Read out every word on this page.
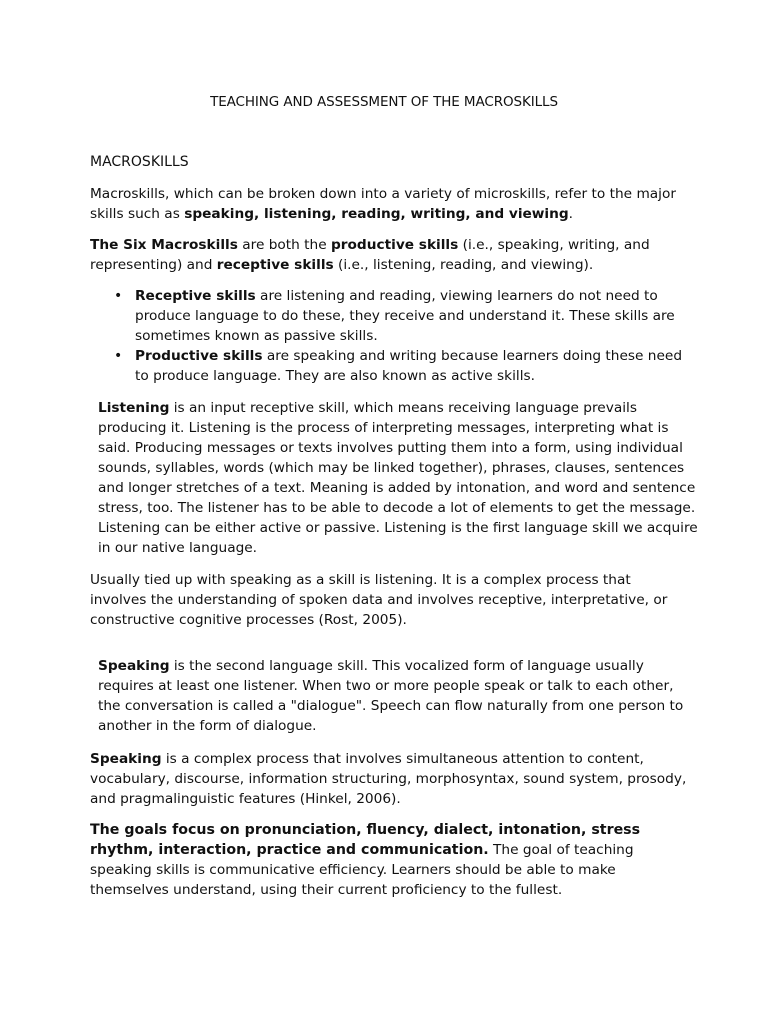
TEACHING AND ASSESSMENT OF THE MACROSKILLS
MACROSKILLS

Macroskills, which can be broken down into a variety of microskills, refer to the major skills such as speaking, listening, reading, writing, and viewing.

The Six Macroskills are both the productive skills (i.e., speaking, writing, and representing) and receptive skills (i.e., listening, reading, and viewing).

• Receptive skills are listening and reading, viewing learners do not need to produce language to do these, they receive and understand it. These skills are sometimes known as passive skills.
• Productive skills are speaking and writing because learners doing these need to produce language. They are also known as active skills.

Listening is an input receptive skill, which means receiving language prevails producing it. Listening is the process of interpreting messages, interpreting what is said. Producing messages or texts involves putting them into a form, using individual sounds, syllables, words (which may be linked together), phrases, clauses, sentences and longer stretches of a text. Meaning is added by intonation, and word and sentence stress, too. The listener has to be able to decode a lot of elements to get the message. Listening can be either active or passive. Listening is the first language skill we acquire in our native language.

Usually tied up with speaking as a skill is listening. It is a complex process that involves the understanding of spoken data and involves receptive, interpretative, or constructive cognitive processes (Rost, 2005).

Speaking is the second language skill. This vocalized form of language usually requires at least one listener. When two or more people speak or talk to each other, the conversation is called a "dialogue". Speech can flow naturally from one person to another in the form of dialogue.

Speaking is a complex process that involves simultaneous attention to content, vocabulary, discourse, information structuring, morphosyntax, sound system, prosody, and pragmalinguistic features (Hinkel, 2006).

The goals focus on pronunciation, fluency, dialect, intonation, stress rhythm, interaction, practice and communication. The goal of teaching speaking skills is communicative efficiency. Learners should be able to make themselves understand, using their current proficiency to the fullest.
